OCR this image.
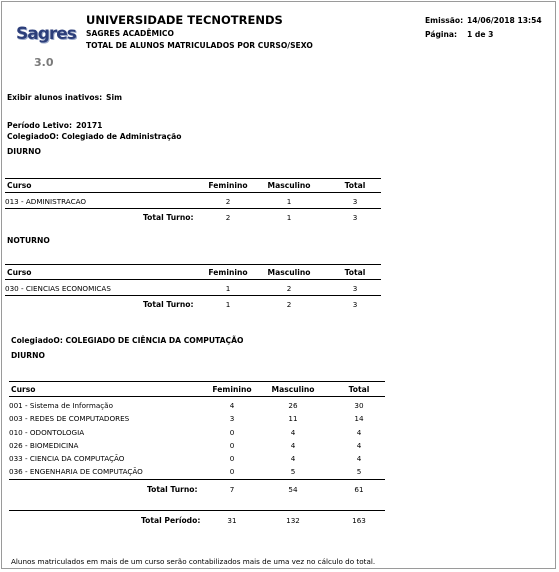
Sagres
3.0
UNIVERSIDADE TECNOTRENDS
SAGRES ACADÊMICO
TOTAL DE ALUNOS MATRICULADOS POR CURSO/SEXO
Emissão: 14/06/2018 13:54
Página: 1 de 3
Exibir alunos inativos: Sim
Período Letivo: 20171
ColegiadoO: Colegiado de Administração
DIURNO
Curso	Feminino	Masculino	Total
013 - ADMINISTRACAO	2	1	3
Total Turno:	2	1	3
NOTURNO
Curso	Feminino	Masculino	Total
030 - CIENCIAS ECONOMICAS	1	2	3
Total Turno:	1	2	3
ColegiadoO: COLEGIADO DE CIÊNCIA DA COMPUTAÇÃO
DIURNO
Curso	Feminino	Masculino	Total
001 - Sistema de Informação	4	26	30
003 - REDES DE COMPUTADORES	3	11	14
010 - ODONTOLOGIA	0	4	4
026 - BIOMEDICINA	0	4	4
033 - CIENCIA DA COMPUTAÇÃO	0	4	4
036 - ENGENHARIA DE COMPUTAÇÃO	0	5	5
Total Turno:	7	54	61
Total Período:	31	132	163
Alunos matriculados em mais de um curso serão contabilizados mais de uma vez no cálculo do total.
